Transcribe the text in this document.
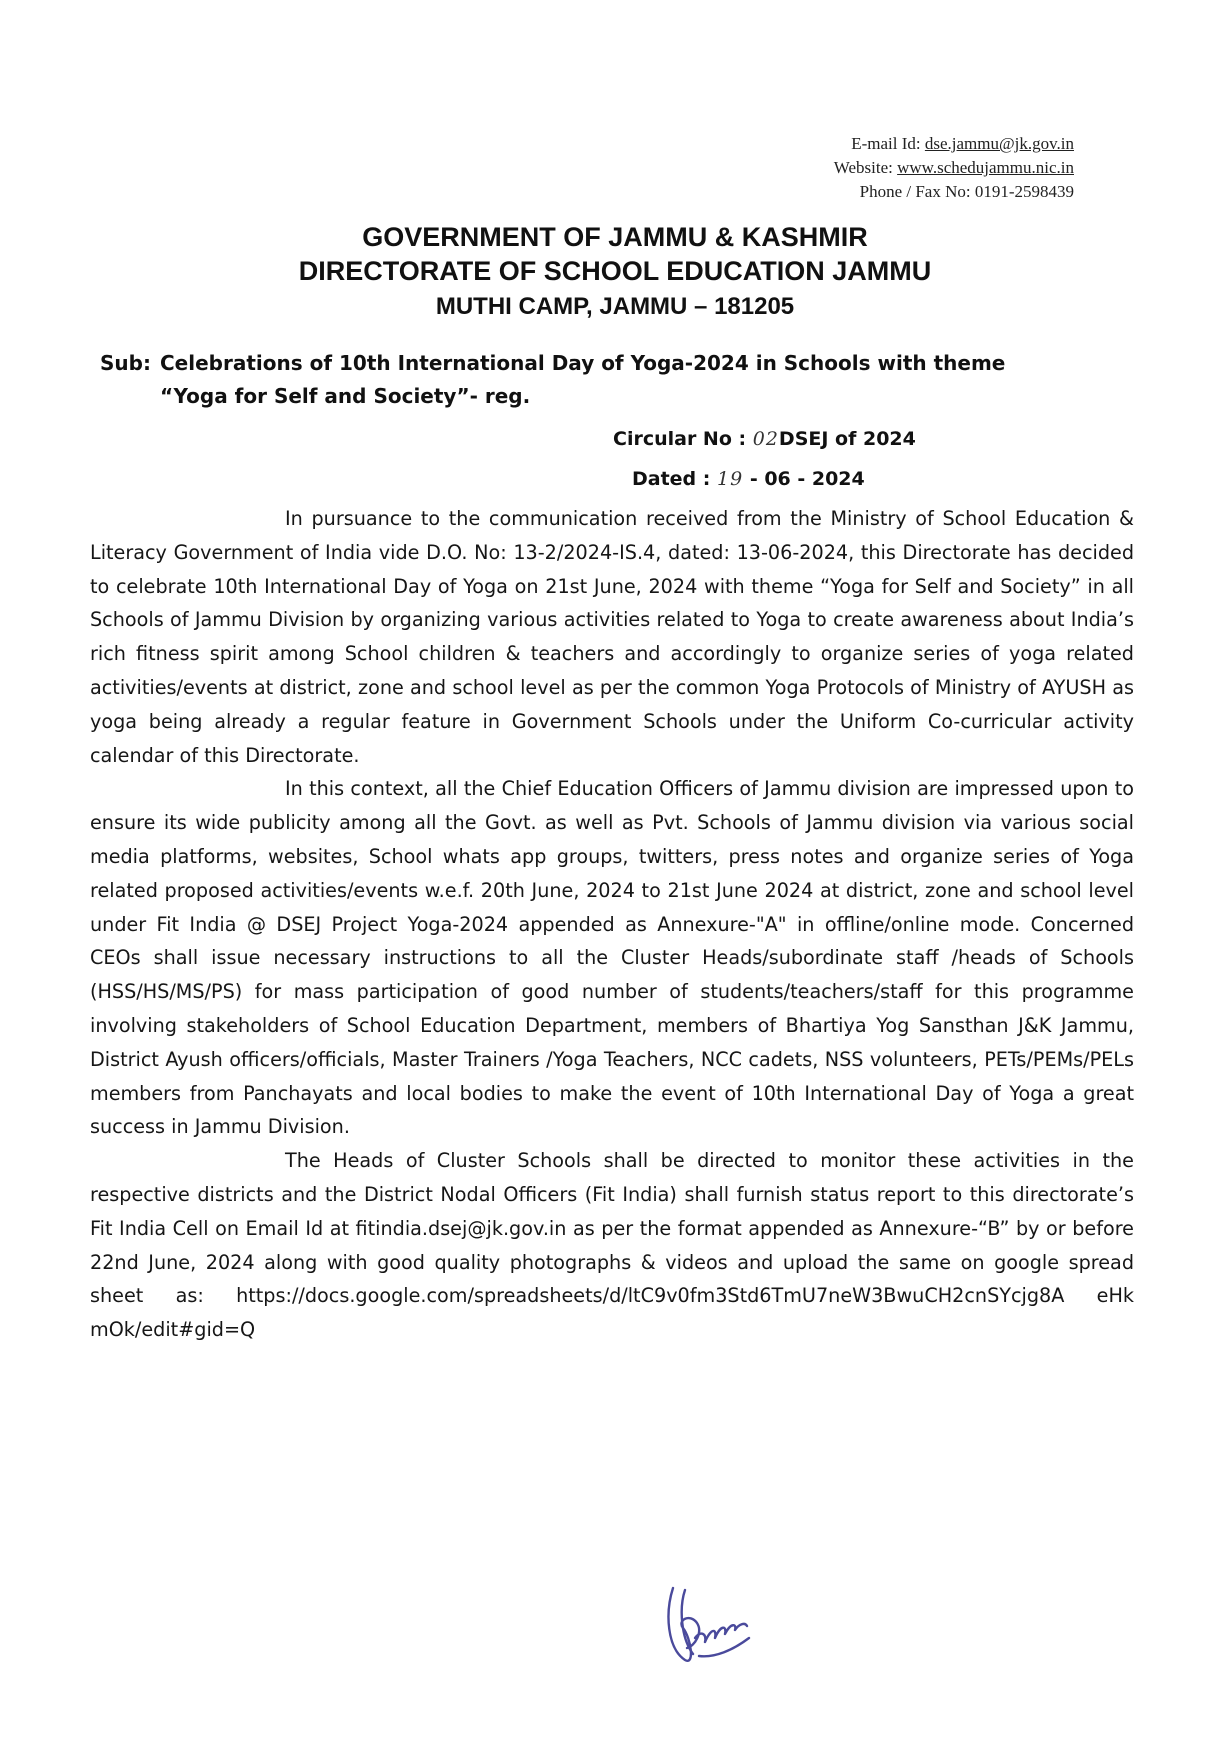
E-mail Id: dse.jammu@jk.gov.in
Website: www.schedujammu.nic.in
Phone / Fax No: 0191-2598439
GOVERNMENT OF JAMMU & KASHMIR
DIRECTORATE OF SCHOOL EDUCATION JAMMU
MUTHI CAMP, JAMMU – 181205
Sub: Celebrations of 10th International Day of Yoga-2024 in Schools with theme
“Yoga for Self and Society”- reg.
Circular No : 02DSEJ of 2024
Dated : 19 - 06 - 2024

In pursuance to the communication received from the Ministry of School Education & Literacy Government of India vide D.O. No: 13-2/2024-IS.4, dated: 13-06-2024, this Directorate has decided to celebrate 10th International Day of Yoga on 21st June, 2024 with theme “Yoga for Self and Society” in all Schools of Jammu Division by organizing various activities related to Yoga to create awareness about India’s rich fitness spirit among School children & teachers and accordingly to organize series of yoga related activities/events at district, zone and school level as per the common Yoga Protocols of Ministry of AYUSH as yoga being already a regular feature in Government Schools under the Uniform Co-curricular activity calendar of this Directorate.

In this context, all the Chief Education Officers of Jammu division are impressed upon to ensure its wide publicity among all the Govt. as well as Pvt. Schools of Jammu division via various social media platforms, websites, School whats app groups, twitters, press notes and organize series of Yoga related proposed activities/events w.e.f. 20th June, 2024 to 21st June 2024 at district, zone and school level under Fit India @ DSEJ Project Yoga-2024 appended as Annexure-"A" in offline/online mode. Concerned CEOs shall issue necessary instructions to all the Cluster Heads/subordinate staff /heads of Schools (HSS/HS/MS/PS) for mass participation of good number of students/teachers/staff for this programme involving stakeholders of School Education Department, members of Bhartiya Yog Sansthan J&K Jammu, District Ayush officers/officials, Master Trainers /Yoga Teachers, NCC cadets, NSS volunteers, PETs/PEMs/PELs members from Panchayats and local bodies to make the event of 10th International Day of Yoga a great success in Jammu Division.

The Heads of Cluster Schools shall be directed to monitor these activities in the respective districts and the District Nodal Officers (Fit India) shall furnish status report to this directorate’s Fit India Cell on Email Id at fitindia.dsej@jk.gov.in as per the format appended as Annexure-“B” by or before 22nd June, 2024 along with good quality photographs & videos and upload the same on google spread sheet as: https://docs.google.com/spreadsheets/d/ltC9v0fm3Std6TmU7neW3BwuCH2cnSYcjg8A eHk mOk/edit#gid=Q
